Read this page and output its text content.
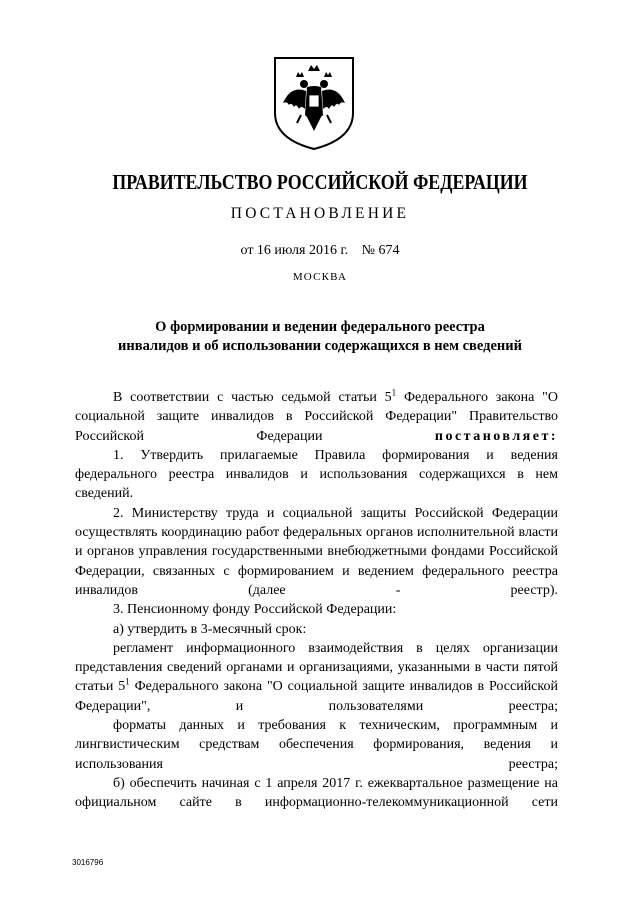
ПРАВИТЕЛЬСТВО РОССИЙСКОЙ ФЕДЕРАЦИИ
ПОСТАНОВЛЕНИЕ
от 16 июля 2016 г. № 674
МОСКВА
О формировании и ведении федерального реестра
инвалидов и об использовании содержащихся в нем сведений

В соответствии с частью седьмой статьи $5^1$ Федерального закона "О социальной защите инвалидов в Российской Федерации" Правительство Российской Федерации постановляет:

1. Утвердить прилагаемые Правила формирования и ведения федерального реестра инвалидов и использования содержащихся в нем сведений.

2. Министерству труда и социальной защиты Российской Федерации осуществлять координацию работ федеральных органов исполнительной власти и органов управления государственными внебюджетными фондами Российской Федерации, связанных с формированием и ведением федерального реестра инвалидов (далее - реестр).

3. Пенсионному фонду Российской Федерации:

а) утвердить в 3-месячный срок:

регламент информационного взаимодействия в целях организации представления сведений органами и организациями, указанными в части пятой статьи $5^1$ Федерального закона "О социальной защите инвалидов в Российской Федерации", и пользователями реестра;

форматы данных и требования к техническим, программным и лингвистическим средствам обеспечения формирования, ведения и использования реестра;

б) обеспечить начиная с 1 апреля 2017 г. ежеквартальное размещение на официальном сайте в информационно-телекоммуникационной сети

3016796
